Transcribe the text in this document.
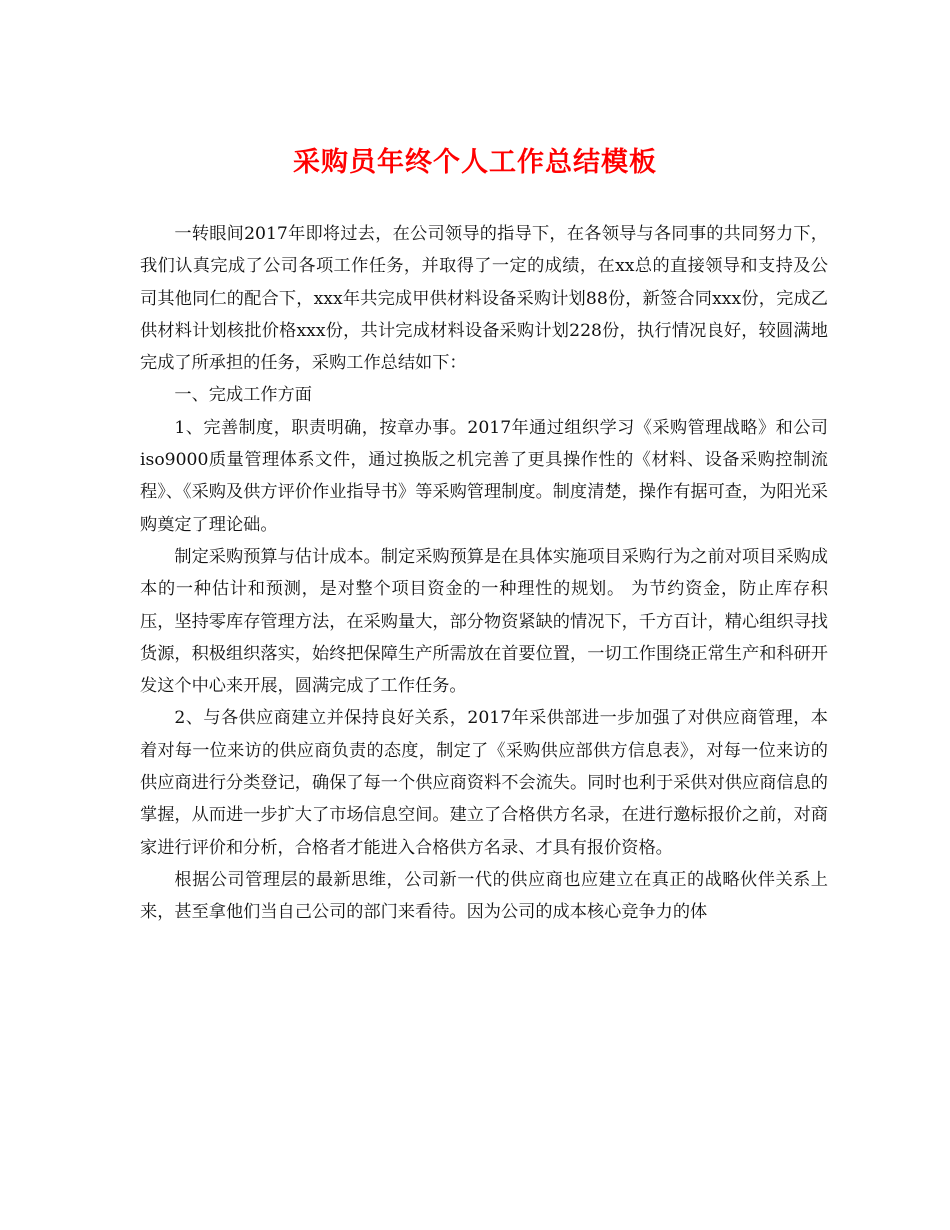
采购员年终个人工作总结模板

一转眼间2017年即将过去，在公司领导的指导下，在各领导与各同事的共同努力下，我们认真完成了公司各项工作任务，并取得了一定的成绩，在xx总的直接领导和支持及公司其他同仁的配合下，xxx年共完成甲供材料设备采购计划88份，新签合同xxx份，完成乙供材料计划核批价格xxx份，共计完成材料设备采购计划228份，执行情况良好，较圆满地完成了所承担的任务，采购工作总结如下：

一、完成工作方面

1、完善制度，职责明确，按章办事。2017年通过组织学习《采购管理战略》和公司iso9000质量管理体系文件，通过换版之机完善了更具操作性的《材料、设备采购控制流程》、《采购及供方评价作业指导书》等采购管理制度。制度清楚，操作有据可查，为阳光采购奠定了理论础。

制定采购预算与估计成本。制定采购预算是在具体实施项目采购行为之前对项目采购成本的一种估计和预测，是对整个项目资金的一种理性的规划。 为节约资金，防止库存积压，坚持零库存管理方法，在采购量大，部分物资紧缺的情况下，千方百计，精心组织寻找货源，积极组织落实，始终把保障生产所需放在首要位置，一切工作围绕正常生产和科研开发这个中心来开展，圆满完成了工作任务。

2、与各供应商建立并保持良好关系，2017年采供部进一步加强了对供应商管理，本着对每一位来访的供应商负责的态度，制定了《采购供应部供方信息表》，对每一位来访的供应商进行分类登记，确保了每一个供应商资料不会流失。同时也利于采供对供应商信息的掌握，从而进一步扩大了市场信息空间。建立了合格供方名录，在进行邀标报价之前，对商家进行评价和分析，合格者才能进入合格供方名录、才具有报价资格。

根据公司管理层的最新思维，公司新一代的供应商也应建立在真正的战略伙伴关系上来，甚至拿他们当自己公司的部门来看待。因为公司的成本核心竞争力的体
